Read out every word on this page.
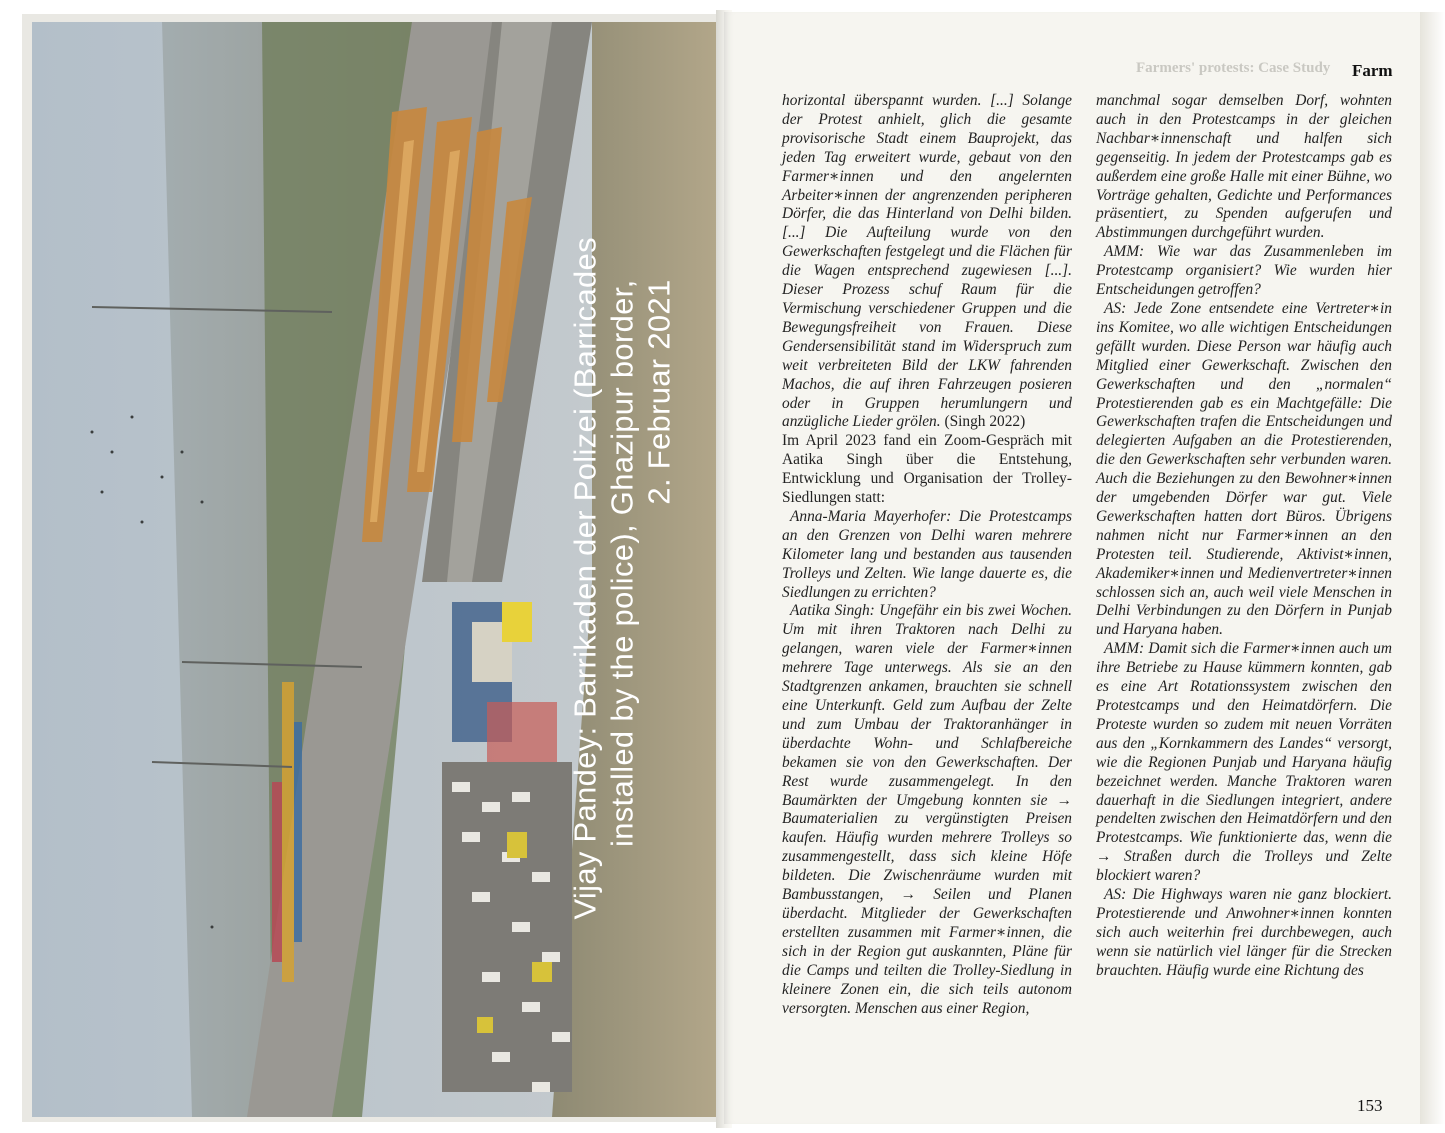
Vijay Pandey: Barrikaden der Polizei (Barricades installed by the police), Ghazipur border, 2. Februar 2021
Farmers' protests: Case Study Farm

horizontal überspannt wurden. [...] Solange der Protest anhielt, glich die gesamte provisorische Stadt einem Bauprojekt, das jeden Tag erweitert wurde, gebaut von den Farmer∗innen und den angelernten Arbeiter∗innen der angrenzenden peripheren Dörfer, die das Hinterland von Delhi bilden. [...] Die Aufteilung wurde von den Gewerkschaften festgelegt und die Flächen für die Wagen entsprechend zugewiesen [...]. Dieser Prozess schuf Raum für die Vermischung verschiedener Gruppen und die Bewegungsfreiheit von Frauen. Diese Gendersensibilität stand im Widerspruch zum weit verbreiteten Bild der LKW fahrenden Machos, die auf ihren Fahrzeugen posieren oder in Gruppen herumlungern und anzügliche Lieder grölen. (Singh 2022)

Im April 2023 fand ein Zoom-Gespräch mit Aatika Singh über die Entstehung, Entwicklung und Organisation der Trolley-Siedlungen statt:

Anna-Maria Mayerhofer: Die Protestcamps an den Grenzen von Delhi waren mehrere Kilometer lang und bestanden aus tausenden Trolleys und Zelten. Wie lange dauerte es, die Siedlungen zu errichten?

Aatika Singh: Ungefähr ein bis zwei Wochen. Um mit ihren Traktoren nach Delhi zu gelangen, waren viele der Farmer∗innen mehrere Tage unterwegs. Als sie an den Stadtgrenzen ankamen, brauchten sie schnell eine Unterkunft. Geld zum Aufbau der Zelte und zum Umbau der Traktoranhänger in überdachte Wohn- und Schlafbereiche bekamen sie von den Gewerkschaften. Der Rest wurde zusammengelegt. In den Baumärkten der Umgebung konnten sie → Baumaterialien zu vergünstigten Preisen kaufen. Häufig wurden mehrere Trolleys so zusammengestellt, dass sich kleine Höfe bildeten. Die Zwischenräume wurden mit Bambusstangen, → Seilen und Planen überdacht. Mitglieder der Gewerkschaften erstellten zusammen mit Farmer∗innen, die sich in der Region gut auskannten, Pläne für die Camps und teilten die Trolley-Siedlung in kleinere Zonen ein, die sich teils autonom versorgten. Menschen aus einer Region,

manchmal sogar demselben Dorf, wohnten auch in den Protestcamps in der gleichen Nachbar∗innenschaft und halfen sich gegenseitig. In jedem der Protestcamps gab es außerdem eine große Halle mit einer Bühne, wo Vorträge gehalten, Gedichte und Performances präsentiert, zu Spenden aufgerufen und Abstimmungen durchgeführt wurden.

AMM: Wie war das Zusammenleben im Protestcamp organisiert? Wie wurden hier Entscheidungen getroffen?

AS: Jede Zone entsendete eine Vertreter∗in ins Komitee, wo alle wichtigen Entscheidungen gefällt wurden. Diese Person war häufig auch Mitglied einer Gewerkschaft. Zwischen den Gewerkschaften und den „normalen“ Protestierenden gab es ein Machtgefälle: Die Gewerkschaften trafen die Entscheidungen und delegierten Aufgaben an die Protestierenden, die den Gewerkschaften sehr verbunden waren. Auch die Beziehungen zu den Bewohner∗innen der umgebenden Dörfer war gut. Viele Gewerkschaften hatten dort Büros. Übrigens nahmen nicht nur Farmer∗innen an den Protesten teil. Studierende, Aktivist∗innen, Akademiker∗innen und Medienvertreter∗innen schlossen sich an, auch weil viele Menschen in Delhi Verbindungen zu den Dörfern in Punjab und Haryana haben.

AMM: Damit sich die Farmer∗innen auch um ihre Betriebe zu Hause kümmern konnten, gab es eine Art Rotationssystem zwischen den Protestcamps und den Heimatdörfern. Die Proteste wurden so zudem mit neuen Vorräten aus den „Kornkammern des Landes“ versorgt, wie die Regionen Punjab und Haryana häufig bezeichnet werden. Manche Traktoren waren dauerhaft in die Siedlungen integriert, andere pendelten zwischen den Heimatdörfern und den Protestcamps. Wie funktionierte das, wenn die → Straßen durch die Trolleys und Zelte blockiert waren?

AS: Die Highways waren nie ganz blockiert. Protestierende und Anwohner∗innen konnten sich auch weiterhin frei durchbewegen, auch wenn sie natürlich viel länger für die Strecken brauchten. Häufig wurde eine Richtung des

153
